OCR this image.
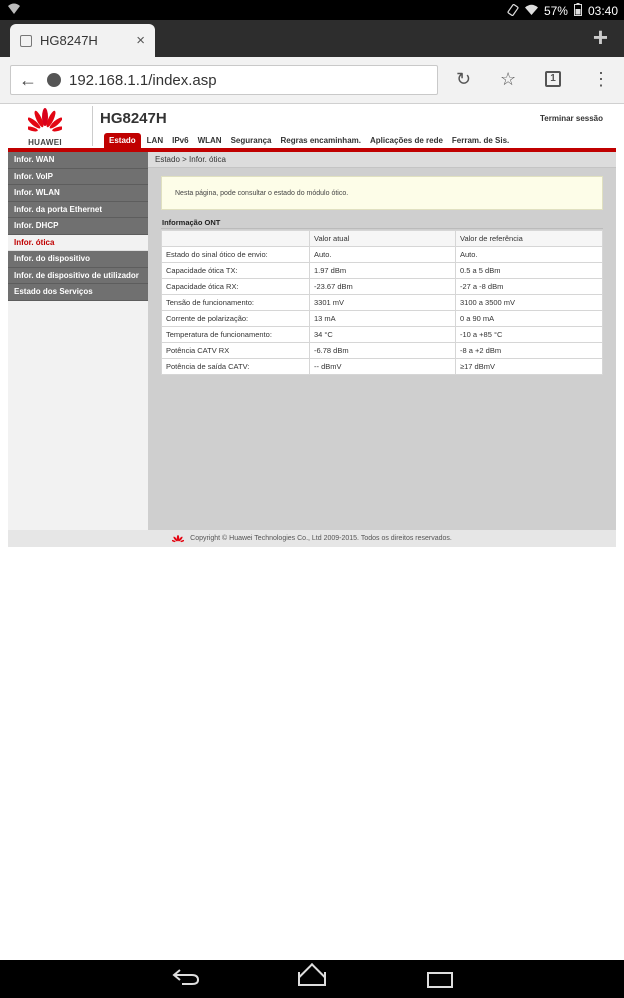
57% 03:40
HG8247H	×	+
← 192.168.1.1/index.asp	↻ ☆	1 ⋮
HUAWEI
HG8247H	Terminar sessão
Estado	LAN	IPv6	WLAN	Segurança	Regras encaminham.	Aplicações de rede	Ferram. de Sis.
Infor. WAN
Infor. VoIP
Infor. WLAN
Infor. da porta Ethernet
Infor. DHCP
Infor. ótica
Infor. do dispositivo
Infor. de dispositivo de utilizador
Estado dos Serviços
Estado > Infor. ótica
Nesta página, pode consultar o estado do módulo ótico.
Informação ONT
	Valor atual	Valor de referência
Estado do sinal ótico de envio:	Auto.	Auto.
Capacidade ótica TX:	1.97 dBm	0.5 a 5 dBm
Capacidade ótica RX:	-23.67 dBm	-27 a -8 dBm
Tensão de funcionamento:	3301 mV	3100 a 3500 mV
Corrente de polarização:	13 mA	0 a 90 mA
Temperatura de funcionamento:	34 °C	-10 a +85 °C
Potência CATV RX	-6.78 dBm	-8 a +2 dBm
Potência de saída CATV:	-- dBmV	≥17 dBmV
Copyright © Huawei Technologies Co., Ltd 2009-2015. Todos os direitos reservados.
